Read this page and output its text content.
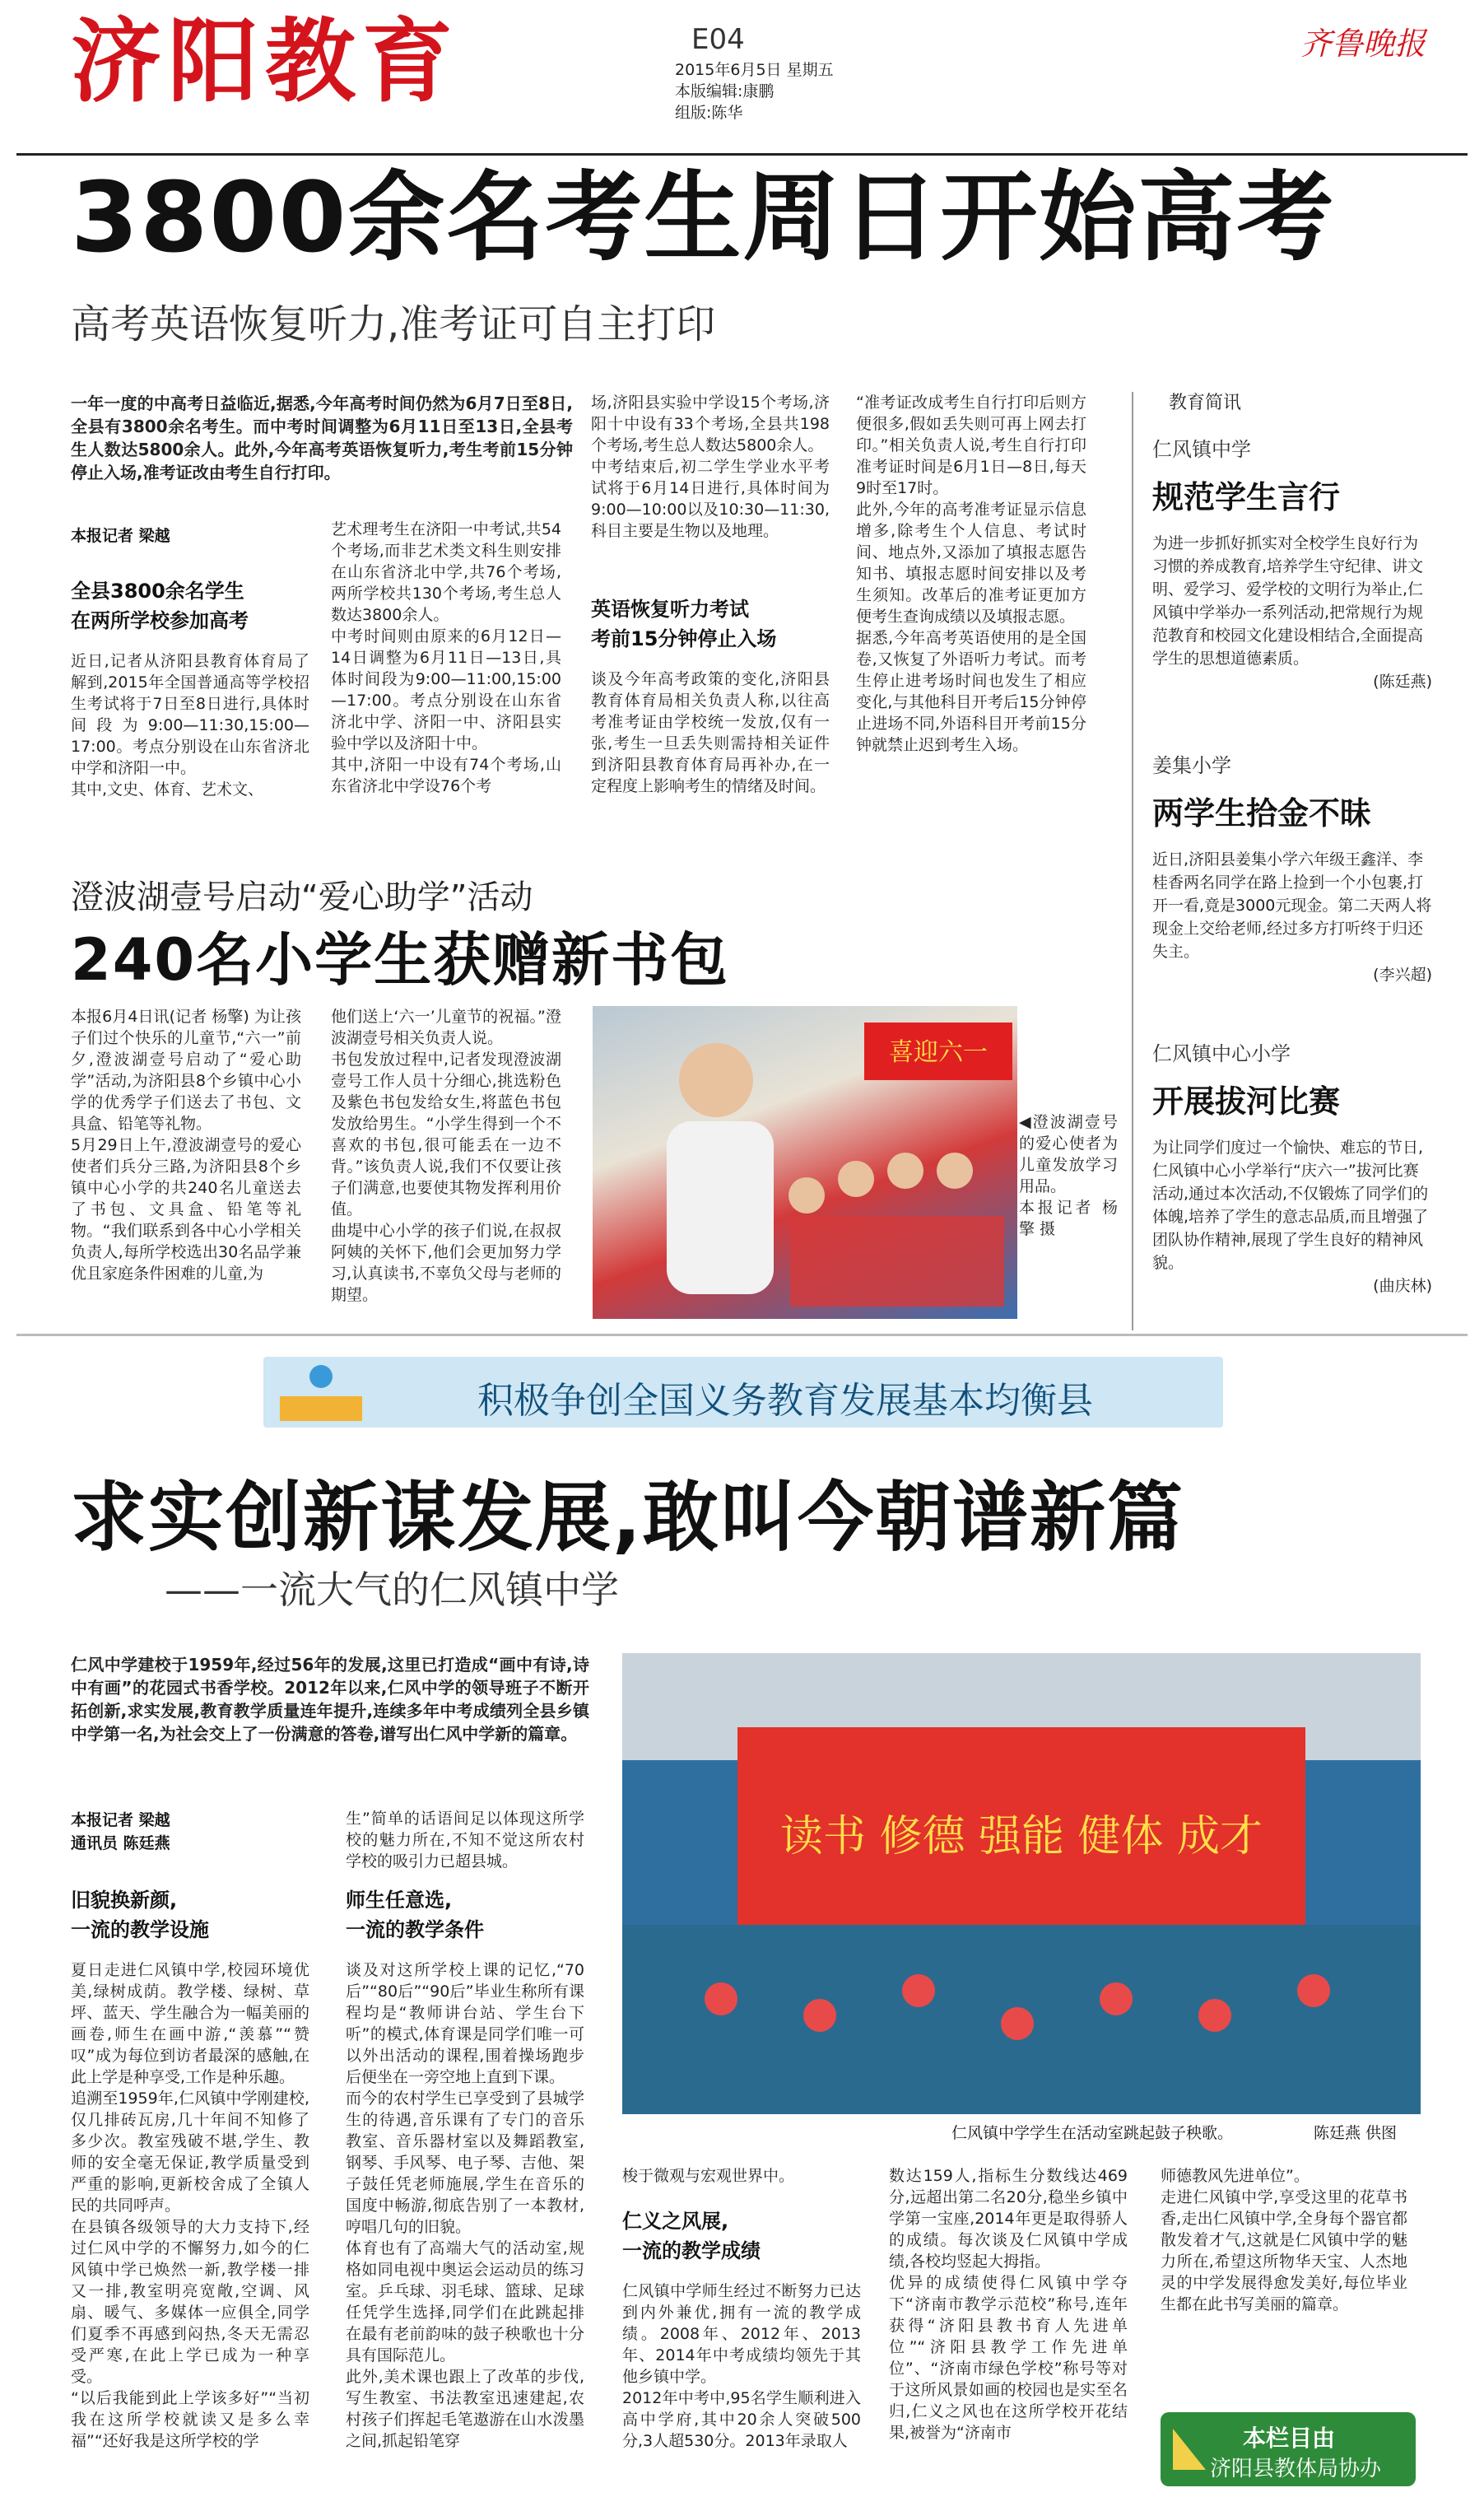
济阳教育	E04
2015年6月5日 星期五
本版编辑:康鹏
组版:陈华
齐鲁晚报
3800余名考生周日开始高考
高考英语恢复听力,准考证可自主打印
一年一度的中高考日益临近,据悉,今年高考时间仍然为6月7日至8日,全县有3800余名考生。而中考时间调整为6月11日至13日,全县考生人数达5800余人。此外,今年高考英语恢复听力,考生考前15分钟停止入场,准考证改由考生自行打印。
本报记者 梁越
全县3800余名学生
在两所学校参加高考
近日,记者从济阳县教育体育局了解到,2015年全国普通高等学校招生考试将于7日至8日进行,具体时间段为9:00—11:30,15:00—17:00。考点分别设在山东省济北中学和济阳一中。
其中,文史、体育、艺术文、
艺术理考生在济阳一中考试,共54个考场,而非艺术类文科生则安排在山东省济北中学,共76个考场,两所学校共130个考场,考生总人数达3800余人。
中考时间则由原来的6月12日—14日调整为6月11日—13日,具体时间段为9:00—11:00,15:00—17:00。考点分别设在山东省济北中学、济阳一中、济阳县实验中学以及济阳十中。
其中,济阳一中设有74个考场,山东省济北中学设76个考
场,济阳县实验中学设15个考场,济阳十中设有33个考场,全县共198个考场,考生总人数达5800余人。
中考结束后,初二学生学业水平考试将于6月14日进行,具体时间为9:00—10:00以及10:30—11:30,科目主要是生物以及地理。
英语恢复听力考试
考前15分钟停止入场
谈及今年高考政策的变化,济阳县教育体育局相关负责人称,以往高考准考证由学校统一发放,仅有一张,考生一旦丢失则需持相关证件到济阳县教育体育局再补办,在一定程度上影响考生的情绪及时间。
“准考证改成考生自行打印后则方便很多,假如丢失则可再上网去打印。”相关负责人说,考生自行打印准考证时间是6月1日—8日,每天9时至17时。
此外,今年的高考准考证显示信息增多,除考生个人信息、考试时间、地点外,又添加了填报志愿告知书、填报志愿时间安排以及考生须知。改革后的准考证更加方便考生查询成绩以及填报志愿。
据悉,今年高考英语使用的是全国卷,又恢复了外语听力考试。而考生停止进考场时间也发生了相应变化,与其他科目开考后15分钟停止进场不同,外语科目开考前15分钟就禁止迟到考生入场。
教育简讯
仁风镇中学
规范学生言行
为进一步抓好抓实对全校学生良好行为习惯的养成教育,培养学生守纪律、讲文明、爱学习、爱学校的文明行为举止,仁风镇中学举办一系列活动,把常规行为规范教育和校园文化建设相结合,全面提高学生的思想道德素质。
(陈廷燕)
姜集小学
两学生拾金不昧
近日,济阳县姜集小学六年级王鑫洋、李桂香两名同学在路上捡到一个小包裹,打开一看,竟是3000元现金。第二天两人将现金上交给老师,经过多方打听终于归还失主。
(李兴超)
仁风镇中心小学
开展拔河比赛
为让同学们度过一个愉快、难忘的节日,仁风镇中心小学举行“庆六一”拔河比赛活动,通过本次活动,不仅锻炼了同学们的体魄,培养了学生的意志品质,而且增强了团队协作精神,展现了学生良好的精神风貌。
(曲庆林)
澄波湖壹号启动“爱心助学”活动
240名小学生获赠新书包
本报6月4日讯(记者 杨擎) 为让孩子们过个快乐的儿童节,“六一”前夕,澄波湖壹号启动了“爱心助学”活动,为济阳县8个乡镇中心小学的优秀学子们送去了书包、文具盒、铅笔等礼物。
5月29日上午,澄波湖壹号的爱心使者们兵分三路,为济阳县8个乡镇中心小学的共240名儿童送去了书包、文具盒、铅笔等礼物。“我们联系到各中心小学相关负责人,每所学校选出30名品学兼优且家庭条件困难的儿童,为
他们送上‘六一’儿童节的祝福。”澄波湖壹号相关负责人说。
书包发放过程中,记者发现澄波湖壹号工作人员十分细心,挑选粉色及紫色书包发给女生,将蓝色书包发放给男生。“小学生得到一个不喜欢的书包,很可能丢在一边不背。”该负责人说,我们不仅要让孩子们满意,也要使其物发挥利用价值。
曲堤中心小学的孩子们说,在叔叔阿姨的关怀下,他们会更加努力学习,认真读书,不辜负父母与老师的期望。
喜迎六一
◀澄波湖壹号的爱心使者为儿童发放学习用品。
本报记者 杨擎 摄
积极争创全国义务教育发展基本均衡县
求实创新谋发展,敢叫今朝谱新篇
——一流大气的仁风镇中学
仁风中学建校于1959年,经过56年的发展,这里已打造成“画中有诗,诗中有画”的花园式书香学校。2012年以来,仁风中学的领导班子不断开拓创新,求实发展,教育教学质量连年提升,连续多年中考成绩列全县乡镇中学第一名,为社会交上了一份满意的答卷,谱写出仁风中学新的篇章。
本报记者 梁越
通讯员 陈廷燕
旧貌换新颜,
一流的教学设施
夏日走进仁风镇中学,校园环境优美,绿树成荫。教学楼、绿树、草坪、蓝天、学生融合为一幅美丽的画卷,师生在画中游,“羡慕”“赞叹”成为每位到访者最深的感触,在此上学是种享受,工作是种乐趣。
追溯至1959年,仁风镇中学刚建校,仅几排砖瓦房,几十年间不知修了多少次。教室残破不堪,学生、教师的安全毫无保证,教学质量受到严重的影响,更新校舍成了全镇人民的共同呼声。
在县镇各级领导的大力支持下,经过仁风中学的不懈努力,如今的仁风镇中学已焕然一新,教学楼一排又一排,教室明亮宽敞,空调、风扇、暖气、多媒体一应俱全,同学们夏季不再感到闷热,冬天无需忍受严寒,在此上学已成为一种享受。
“以后我能到此上学该多好”“当初我在这所学校就读又是多么幸福”“还好我是这所学校的学
生”简单的话语间足以体现这所学校的魅力所在,不知不觉这所农村学校的吸引力已超县城。
师生任意选,
一流的教学条件
谈及对这所学校上课的记忆,“70后”“80后”“90后”毕业生称所有课程均是“教师讲台站、学生台下听”的模式,体育课是同学们唯一可以外出活动的课程,围着操场跑步后便坐在一旁空地上直到下课。
而今的农村学生已享受到了县城学生的待遇,音乐课有了专门的音乐教室、音乐器材室以及舞蹈教室,钢琴、手风琴、电子琴、吉他、架子鼓任凭老师施展,学生在音乐的国度中畅游,彻底告别了一本教材,哼唱几句的旧貌。
体育也有了高端大气的活动室,规格如同电视中奥运会运动员的练习室。乒乓球、羽毛球、篮球、足球任凭学生选择,同学们在此跳起排在最有老前韵味的鼓子秧歌也十分具有国际范儿。
此外,美术课也跟上了改革的步伐,写生教室、书法教室迅速建起,农村孩子们挥起毛笔遨游在山水泼墨之间,抓起铅笔穿
读书 修德 强能 健体 成才
仁风镇中学学生在活动室跳起鼓子秧歌。	陈廷燕 供图
梭于微观与宏观世界中。
仁义之风展,
一流的教学成绩
仁风镇中学师生经过不断努力已达到内外兼优,拥有一流的教学成绩。2008年、2012年、2013年、2014年中考成绩均领先于其他乡镇中学。
2012年中考中,95名学生顺利进入高中学府,其中20余人突破500分,3人超530分。2013年录取人
数达159人,指标生分数线达469分,远超出第二名20分,稳坐乡镇中学第一宝座,2014年更是取得骄人的成绩。每次谈及仁风镇中学成绩,各校均竖起大拇指。
优异的成绩使得仁风镇中学夺下“济南市教学示范校”称号,连年获得“济阳县教书育人先进单位”“济阳县教学工作先进单位”、“济南市绿色学校”称号等对于这所风景如画的校园也是实至名归,仁义之风也在这所学校开花结果,被誉为“济南市
师德教风先进单位”。
走进仁风镇中学,享受这里的花草书香,走出仁风镇中学,全身每个器官都散发着才气,这就是仁风镇中学的魅力所在,希望这所物华天宝、人杰地灵的中学发展得愈发美好,每位毕业生都在此书写美丽的篇章。
本栏目由
济阳县教体局协办
